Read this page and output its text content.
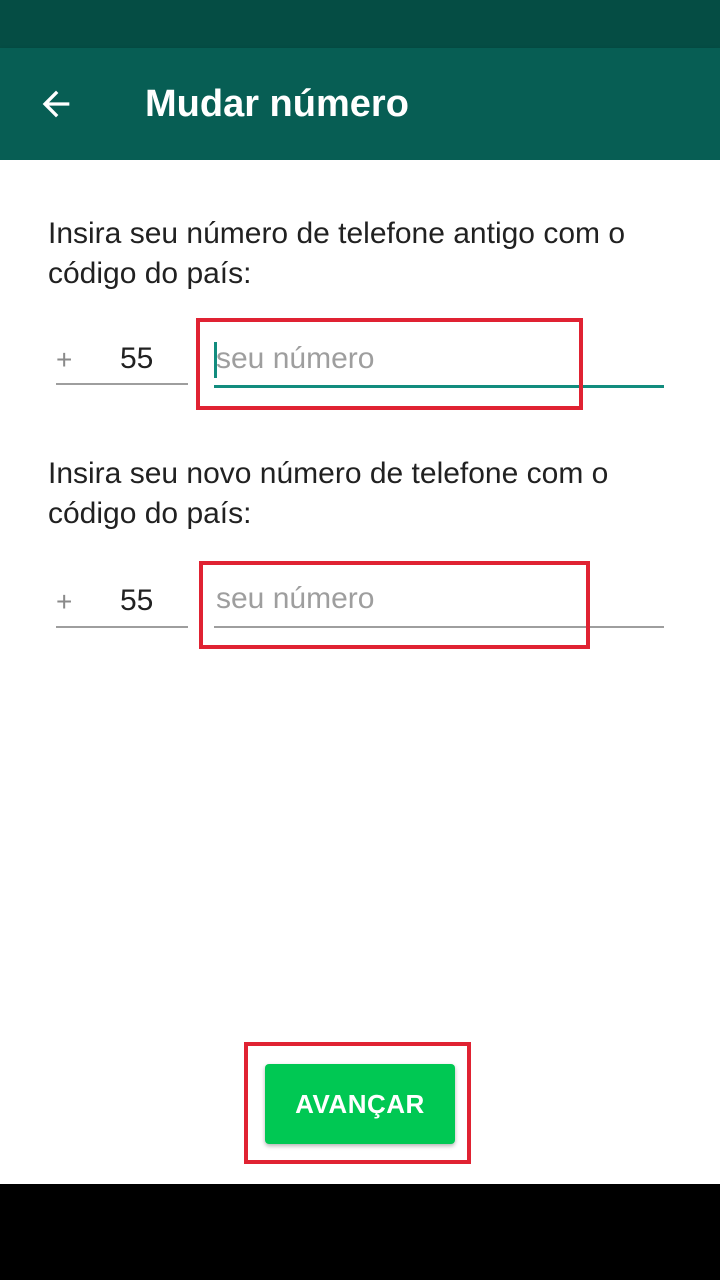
Mudar número
Insira seu número de telefone antigo com o código do país:
+ 55 seu número
Insira seu novo número de telefone com o código do país:
+ 55 seu número
AVANÇAR
